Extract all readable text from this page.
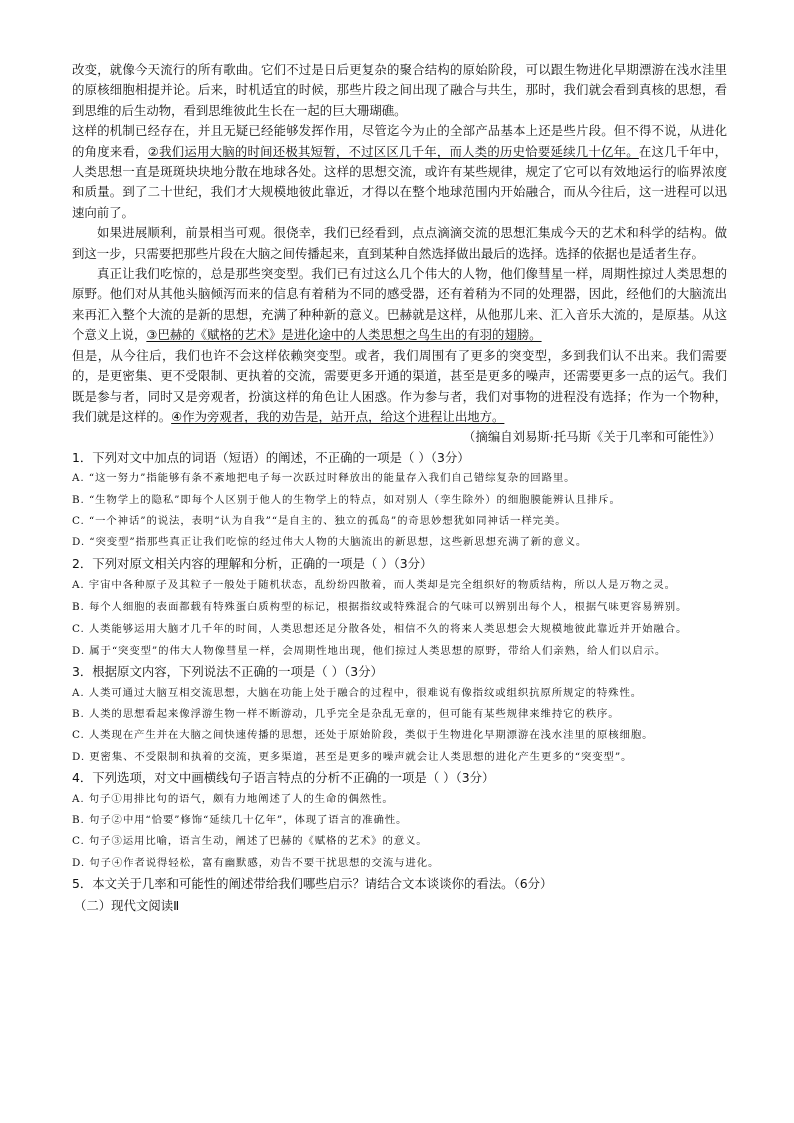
改变，就像今天流行的所有歌曲。它们不过是日后更复杂的聚合结构的原始阶段，可以跟生物进化早期漂游在浅水洼里的原核细胞相提并论。后来，时机适宜的时候，那些片段之间出现了融合与共生，那时，我们就会看到真核的思想，看到思维的后生动物，看到思维彼此生长在一起的巨大珊瑚礁。

这样的机制已经存在，并且无疑已经能够发挥作用，尽管迄今为止的全部产品基本上还是些片段。但不得不说，从进化的角度来看，②我们运用大脑的时间还极其短暂，不过区区几千年，而人类的历史恰要延续几十亿年。在这几千年中，人类思想一直是斑斑块块地分散在地球各处。这样的思想交流，或许有某些规律，规定了它可以有效地运行的临界浓度和质量。到了二十世纪，我们才大规模地彼此靠近，才得以在整个地球范围内开始融合，而从今往后，这一进程可以迅速向前了。

如果进展顺利，前景相当可观。很侥幸，我们已经看到，点点滴滴交流的思想汇集成今天的艺术和科学的结构。做到这一步，只需要把那些片段在大脑之间传播起来，直到某种自然选择做出最后的选择。选择的依据也是适者生存。

真正让我们吃惊的，总是那些突变型。我们已有过这么几个伟大的人物，他们像彗星一样，周期性掠过人类思想的原野。他们对从其他头脑倾泻而来的信息有着稍为不同的感受器，还有着稍为不同的处理器，因此，经他们的大脑流出来再汇入整个大流的是新的思想，充满了种种新的意义。巴赫就是这样，从他那儿来、汇入音乐大流的，是原基。从这个意义上说，③巴赫的《赋格的艺术》是进化途中的人类思想之鸟生出的有羽的翅膀。

但是，从今往后，我们也许不会这样依赖突变型。或者，我们周围有了更多的突变型，多到我们认不出来。我们需要的，是更密集、更不受限制、更执着的交流，需要更多开通的渠道，甚至是更多的噪声，还需要更多一点的运气。我们既是参与者，同时又是旁观者，扮演这样的角色让人困惑。作为参与者，我们对事物的进程没有选择；作为一个物种，我们就是这样的。④作为旁观者，我的劝告是，站开点，给这个进程让出地方。

（摘编自刘易斯·托马斯《关于几率和可能性》）

1．下列对文中加点的词语（短语）的阐述，不正确的一项是（ ）（3分）

A. “这一努力”指能够有条不紊地把电子每一次跃过时释放出的能量存入我们自己错综复杂的回路里。

B. “生物学上的隐私”即每个人区别于他人的生物学上的特点，如对别人（孪生除外）的细胞膜能辨认且排斥。

C. “一个神话”的说法，表明“认为自我”“是自主的、独立的孤岛”的奇思妙想犹如同神话一样完美。

D. “突变型”指那些真正让我们吃惊的经过伟大人物的大脑流出的新思想，这些新思想充满了新的意义。

2．下列对原文相关内容的理解和分析，正确的一项是（ ）（3分）

A. 宇宙中各种原子及其粒子一般处于随机状态，乱纷纷四散着，而人类却是完全组织好的物质结构，所以人是万物之灵。

B. 每个人细胞的表面都载有特殊蛋白质构型的标记，根据指纹或特殊混合的气味可以辨别出每个人，根据气味更容易辨别。

C. 人类能够运用大脑才几千年的时间，人类思想还足分散各处，相信不久的将来人类思想会大规模地彼此靠近并开始融合。

D. 属于“突变型”的伟大人物像彗星一样，会周期性地出现，他们掠过人类思想的原野，带给人们亲熟，给人们以启示。

3．根据原文内容，下列说法不正确的一项是（ ）（3分）

A. 人类可通过大脑互相交流思想，大脑在功能上处于融合的过程中，很难说有像指纹或组织抗原所规定的特殊性。

B. 人类的思想看起来像浮游生物一样不断游动，几乎完全是杂乱无章的，但可能有某些规律来维持它的秩序。

C. 人类现在产生并在大脑之间快速传播的思想，还处于原始阶段，类似于生物进化早期漂游在浅水洼里的原核细胞。

D. 更密集、不受限制和执着的交流，更多渠道，甚至是更多的噪声就会让人类思想的进化产生更多的“突变型”。

4．下列选项，对文中画横线句子语言特点的分析不正确的一项是（ ）（3分）

A. 句子①用排比句的语气，颇有力地阐述了人的生命的偶然性。

B. 句子②中用“恰要”修饰“延续几十亿年”，体现了语言的准确性。

C. 句子③运用比喻，语言生动，阐述了巴赫的《赋格的艺术》的意义。

D. 句子④作者说得轻松，富有幽默感，劝告不要干扰思想的交流与进化。

5．本文关于几率和可能性的阐述带给我们哪些启示？请结合文本谈谈你的看法。（6分）

（二）现代文阅读Ⅱ
